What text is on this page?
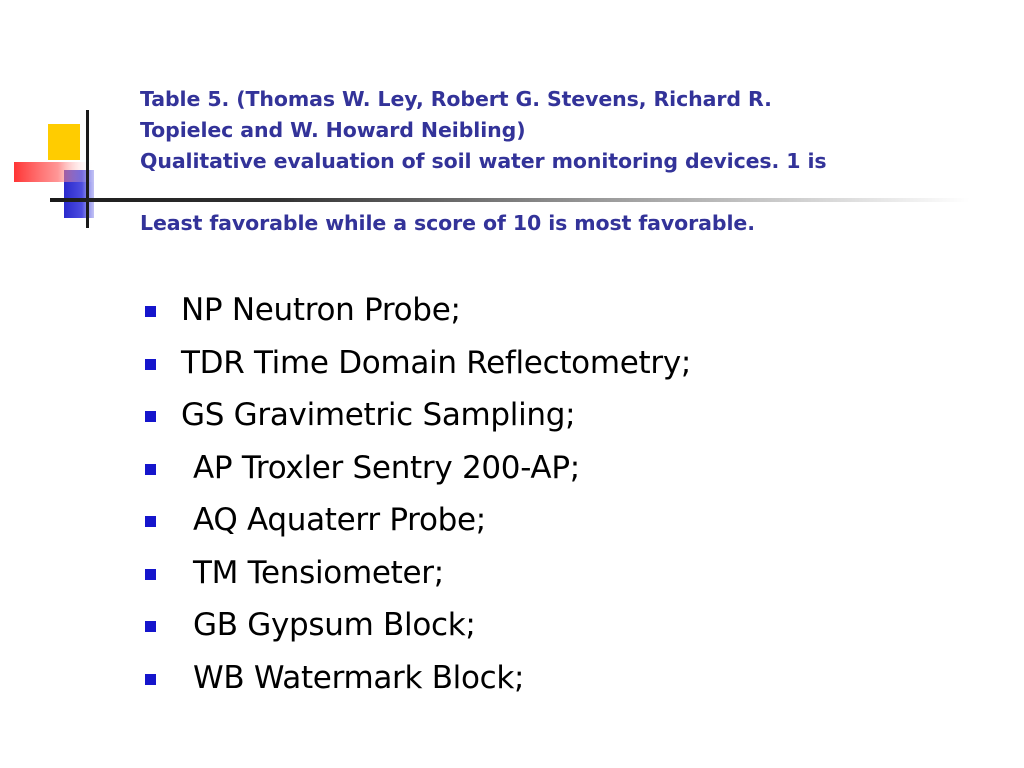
Table 5. (Thomas W. Ley, Robert G. Stevens, Richard R.
Topielec and W. Howard Neibling)
Qualitative evaluation of soil water monitoring devices. 1 is
Least favorable while a score of 10 is most favorable.
NP Neutron Probe;
TDR Time Domain Reflectometry;
GS Gravimetric Sampling;
AP Troxler Sentry 200-AP;
AQ Aquaterr Probe;
TM Tensiometer;
GB Gypsum Block;
WB Watermark Block;
